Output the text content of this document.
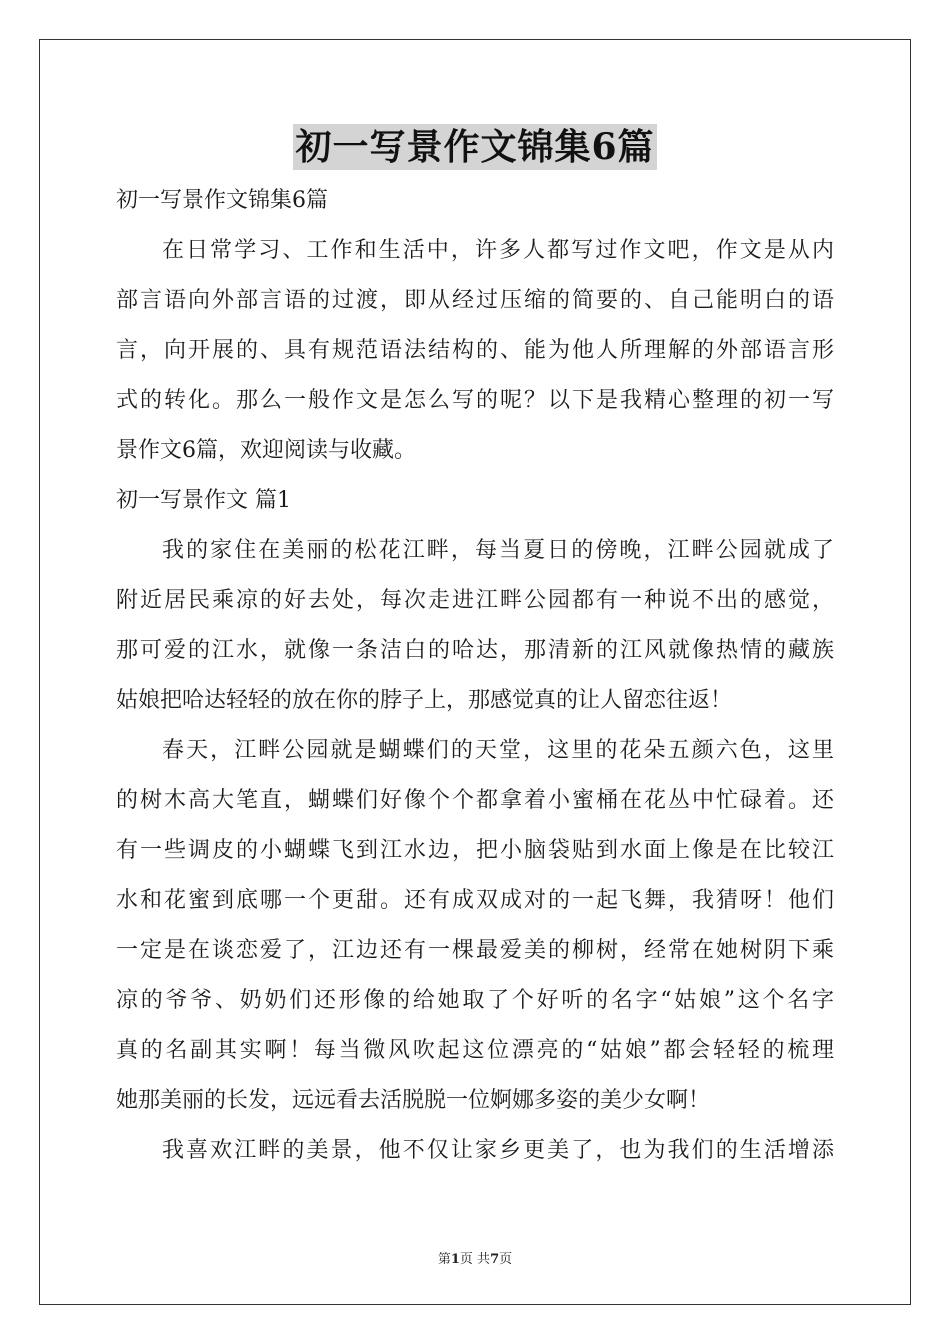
初一写景作文锦集6篇
初一写景作文锦集6篇
在日常学习、工作和生活中，许多人都写过作文吧，作文是从内
部言语向外部言语的过渡，即从经过压缩的简要的、自己能明白的语
言，向开展的、具有规范语法结构的、能为他人所理解的外部语言形
式的转化。那么一般作文是怎么写的呢？以下是我精心整理的初一写
景作文6篇，欢迎阅读与收藏。
初一写景作文 篇1
我的家住在美丽的松花江畔，每当夏日的傍晚，江畔公园就成了
附近居民乘凉的好去处，每次走进江畔公园都有一种说不出的感觉，
那可爱的江水，就像一条洁白的哈达，那清新的江风就像热情的藏族
姑娘把哈达轻轻的放在你的脖子上，那感觉真的让人留恋往返！
春天，江畔公园就是蝴蝶们的天堂，这里的花朵五颜六色，这里
的树木高大笔直，蝴蝶们好像个个都拿着小蜜桶在花丛中忙碌着。还
有一些调皮的小蝴蝶飞到江水边，把小脑袋贴到水面上像是在比较江
水和花蜜到底哪一个更甜。还有成双成对的一起飞舞，我猜呀！他们
一定是在谈恋爱了，江边还有一棵最爱美的柳树，经常在她树阴下乘
凉的爷爷、奶奶们还形像的给她取了个好听的名字“姑娘”这个名字
真的名副其实啊！每当微风吹起这位漂亮的“姑娘”都会轻轻的梳理
她那美丽的长发，远远看去活脱脱一位婀娜多姿的美少女啊！
我喜欢江畔的美景，他不仅让家乡更美了，也为我们的生活增添
第1页 共7页
